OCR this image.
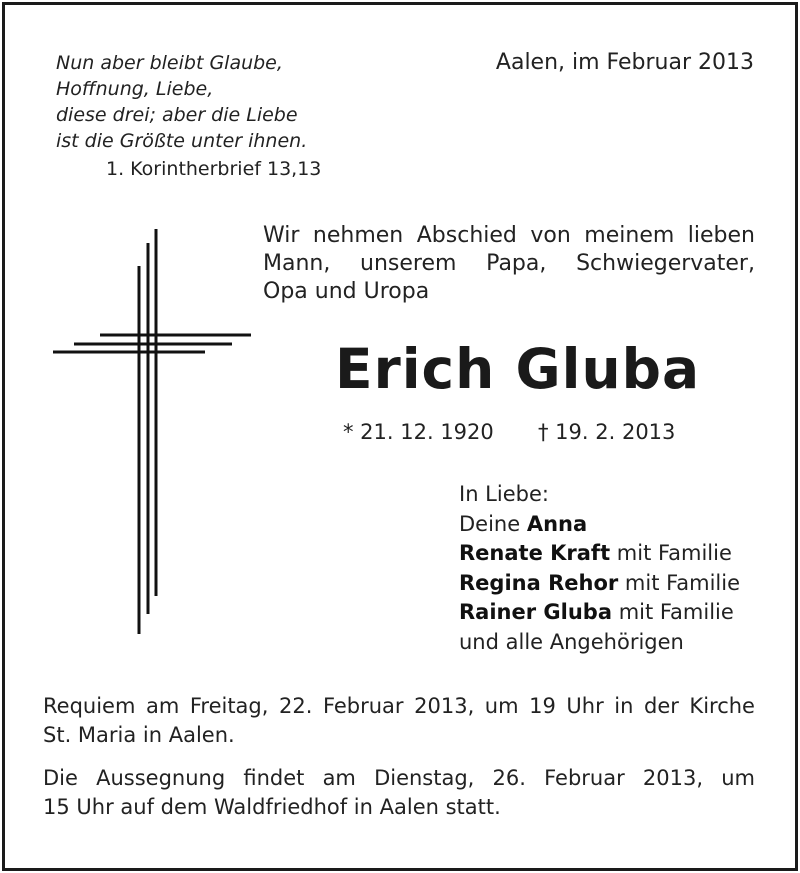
Nun aber bleibt Glaube,
Hoffnung, Liebe,
diese drei; aber die Liebe
ist die Größte unter ihnen.
1. Korintherbrief 13,13
Aalen, im Februar 2013
Wir nehmen Abschied von meinem lieben
Mann, unserem Papa, Schwiegervater,
Opa und Uropa
Erich Gluba
* 21. 12. 1920 † 19. 2. 2013
In Liebe:
Deine Anna
Renate Kraft mit Familie
Regina Rehor mit Familie
Rainer Gluba mit Familie
und alle Angehörigen
Requiem am Freitag, 22. Februar 2013, um 19 Uhr in der Kirche
St. Maria in Aalen.
Die Aussegnung findet am Dienstag, 26. Februar 2013, um
15 Uhr auf dem Waldfriedhof in Aalen statt.
